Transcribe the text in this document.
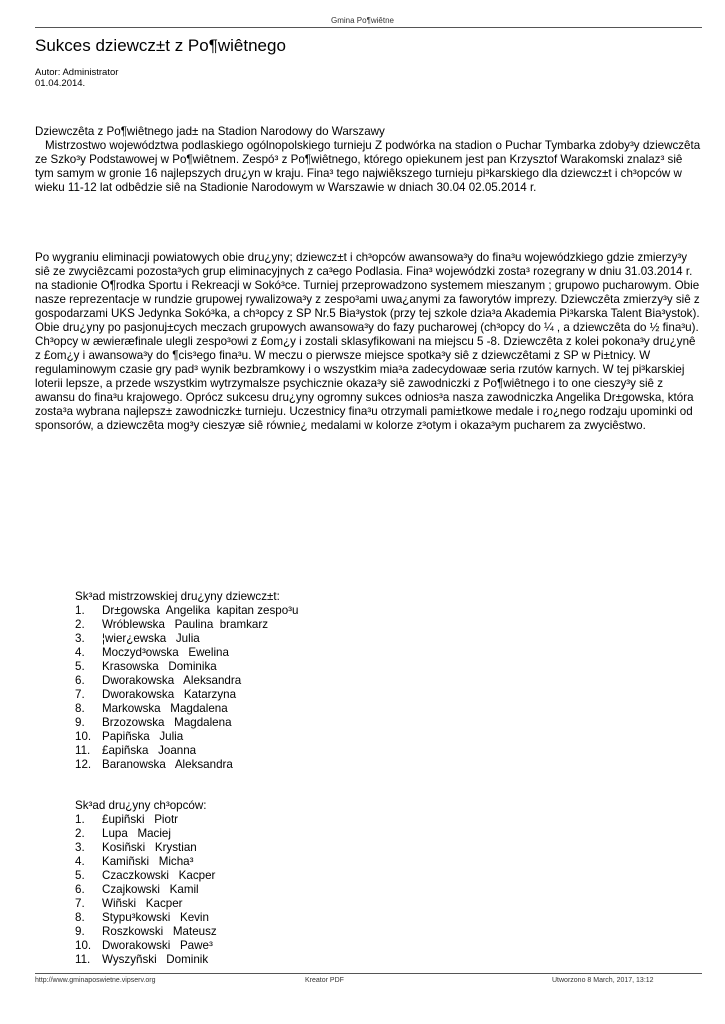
Gmina Po¶wiêtne
Sukces dziewcz±t z Po¶wiêtnego
Autor: Administrator
01.04.2014.
Dziewczêta z Po¶wiêtnego jad± na Stadion Narodowy do Warszawy
Mistrzostwo województwa podlaskiego ogólnopolskiego turnieju Z podwórka na stadion o Puchar Tymbarka zdoby³y dziewczêta ze Szko³y Podstawowej w Po¶wiêtnem. Zespó³ z Po¶wiêtnego, którego opiekunem jest pan Krzysztof Warakomski znalaz³ siê tym samym w gronie 16 najlepszych dru¿yn w kraju. Fina³ tego najwiêkszego turnieju pi³karskiego dla dziewcz±t i ch³opców w wieku 11-12 lat odbêdzie siê na Stadionie Narodowym w Warszawie w dniach 30.04 02.05.2014 r.

Po wygraniu eliminacji powiatowych obie dru¿yny; dziewcz±t i ch³opców awansowa³y do fina³u wojewódzkiego gdzie zmierzy³y siê ze zwyciêzcami pozosta³ych grup eliminacyjnych z ca³ego Podlasia. Fina³ wojewódzki zosta³ rozegrany w dniu 31.03.2014 r. na stadionie O¶rodka Sportu i Rekreacji w Sokó³ce. Turniej przeprowadzono systemem mieszanym ; grupowo pucharowym. Obie nasze reprezentacje w rundzie grupowej rywalizowa³y z zespo³ami uwa¿anymi za faworytów imprezy. Dziewczêta zmierzy³y siê z gospodarzami UKS Jedynka Sokó³ka, a ch³opcy z SP Nr.5 Bia³ystok (przy tej szkole dzia³a Akademia Pi³karska Talent Bia³ystok). Obie dru¿yny po pasjonuj±cych meczach grupowych awansowa³y do fazy pucharowej (ch³opcy do ¼ , a dziewczêta do ½ fina³u). Ch³opcy w æwieræfinale ulegli zespo³owi z £om¿y i zostali sklasyfikowani na miejscu 5 -8. Dziewczêta z kolei pokona³y dru¿ynê z £om¿y i awansowa³y do ¶cis³ego fina³u. W meczu o pierwsze miejsce spotka³y siê z dziewczêtami z SP w Pi±tnicy. W regulaminowym czasie gry pad³ wynik bezbramkowy i o wszystkim mia³a zadecydowaæ seria rzutów karnych. W tej pi³karskiej loterii lepsze, a przede wszystkim wytrzymalsze psychicznie okaza³y siê zawodniczki z Po¶wiêtnego i to one cieszy³y siê z awansu do fina³u krajowego. Oprócz sukcesu dru¿yny ogromny sukces odnios³a nasza zawodniczka Angelika Dr±gowska, która zosta³a wybrana najlepsz± zawodniczk± turnieju. Uczestnicy fina³u otrzymali pami±tkowe medale i ro¿nego rodzaju upominki od sponsorów, a dziewczêta mog³y cieszyæ siê równie¿ medalami w kolorze z³otym i okaza³ym pucharem za zwyciêstwo.

Sk³ad mistrzowskiej dru¿yny dziewcz±t:
1. Dr±gowska  Angelika  kapitan zespo³u
2. Wróblewska   Paulina  bramkarz
3. ¦wier¿ewska   Julia
4. Moczyd³owska   Ewelina
5. Krasowska   Dominika
6. Dworakowska   Aleksandra
7. Dworakowska   Katarzyna
8. Markowska   Magdalena
9. Brzozowska   Magdalena
10. Papiñska   Julia
11. £apiñska   Joanna
12. Baranowska   Aleksandra
Sk³ad dru¿yny ch³opców:
1. £upiñski   Piotr
2. Lupa   Maciej
3. Kosiñski   Krystian
4. Kamiñski   Micha³
5. Czaczkowski   Kacper
6. Czajkowski   Kamil
7. Wiñski   Kacper
8. Stypu³kowski   Kevin
9. Roszkowski   Mateusz
10. Dworakowski   Pawe³
11. Wyszyñski   Dominik
http://www.gminaposwietne.vipserv.org	Kreator PDF	Utworzono 8 March, 2017, 13:12
